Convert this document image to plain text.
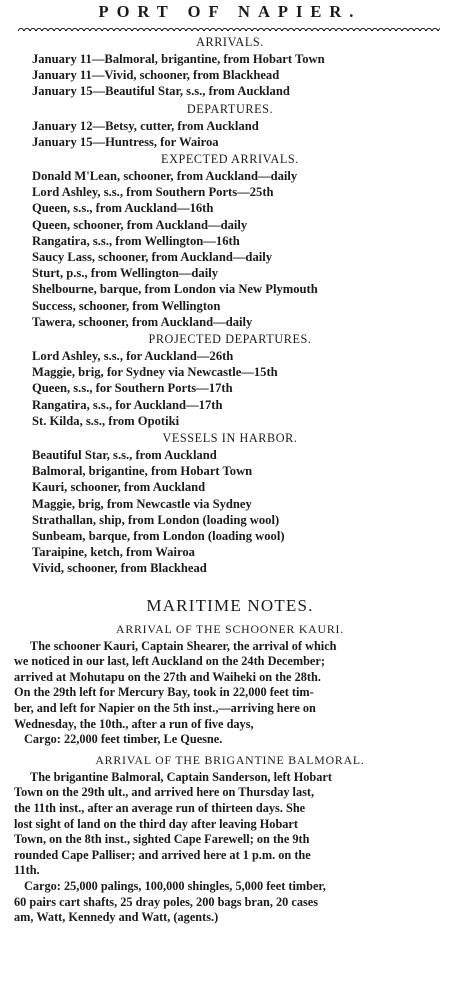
PORT OF NAPIER.
ARRIVALS.
January 11—Balmoral, brigantine, from Hobart Town
January 11—Vivid, schooner, from Blackhead
January 15—Beautiful Star, s.s., from Auckland
DEPARTURES.
January 12—Betsy, cutter, from Auckland
January 15—Huntress, for Wairoa
EXPECTED ARRIVALS.
Donald M'Lean, schooner, from Auckland—daily
Lord Ashley, s.s., from Southern Ports—25th
Queen, s.s., from Auckland—16th
Queen, schooner, from Auckland—daily
Rangatira, s.s., from Wellington—16th
Saucy Lass, schooner, from Auckland—daily
Sturt, p.s., from Wellington—daily
Shelbourne, barque, from London via New Plymouth
Success, schooner, from Wellington
Tawera, schooner, from Auckland—daily
PROJECTED DEPARTURES.
Lord Ashley, s.s., for Auckland—26th
Maggie, brig, for Sydney via Newcastle—15th
Queen, s.s., for Southern Ports—17th
Rangatira, s.s., for Auckland—17th
St. Kilda, s.s., from Opotiki
VESSELS IN HARBOR.
Beautiful Star, s.s., from Auckland
Balmoral, brigantine, from Hobart Town
Kauri, schooner, from Auckland
Maggie, brig, from Newcastle via Sydney
Strathallan, ship, from London (loading wool)
Sunbeam, barque, from London (loading wool)
Taraipine, ketch, from Wairoa
Vivid, schooner, from Blackhead
MARITIME NOTES.
ARRIVAL OF THE SCHOONER KAURI.
The schooner Kauri, Captain Shearer, the arrival of which
we noticed in our last, left Auckland on the 24th December;
arrived at Mohutapu on the 27th and Waiheki on the 28th.
On the 29th left for Mercury Bay, took in 22,000 feet tim-
ber, and left for Napier on the 5th inst.,—arriving here on
Wednesday, the 10th., after a run of five days,
Cargo: 22,000 feet timber, Le Quesne.
ARRIVAL OF THE BRIGANTINE BALMORAL.
The brigantine Balmoral, Captain Sanderson, left Hobart
Town on the 29th ult., and arrived here on Thursday last,
the 11th inst., after an average run of thirteen days. She
lost sight of land on the third day after leaving Hobart
Town, on the 8th inst., sighted Cape Farewell; on the 9th
rounded Cape Palliser; and arrived here at 1 p.m. on the
11th.
Cargo: 25,000 palings, 100,000 shingles, 5,000 feet timber,
60 pairs cart shafts, 25 dray poles, 200 bags bran, 20 cases
am, Watt, Kennedy and Watt, (agents.)
